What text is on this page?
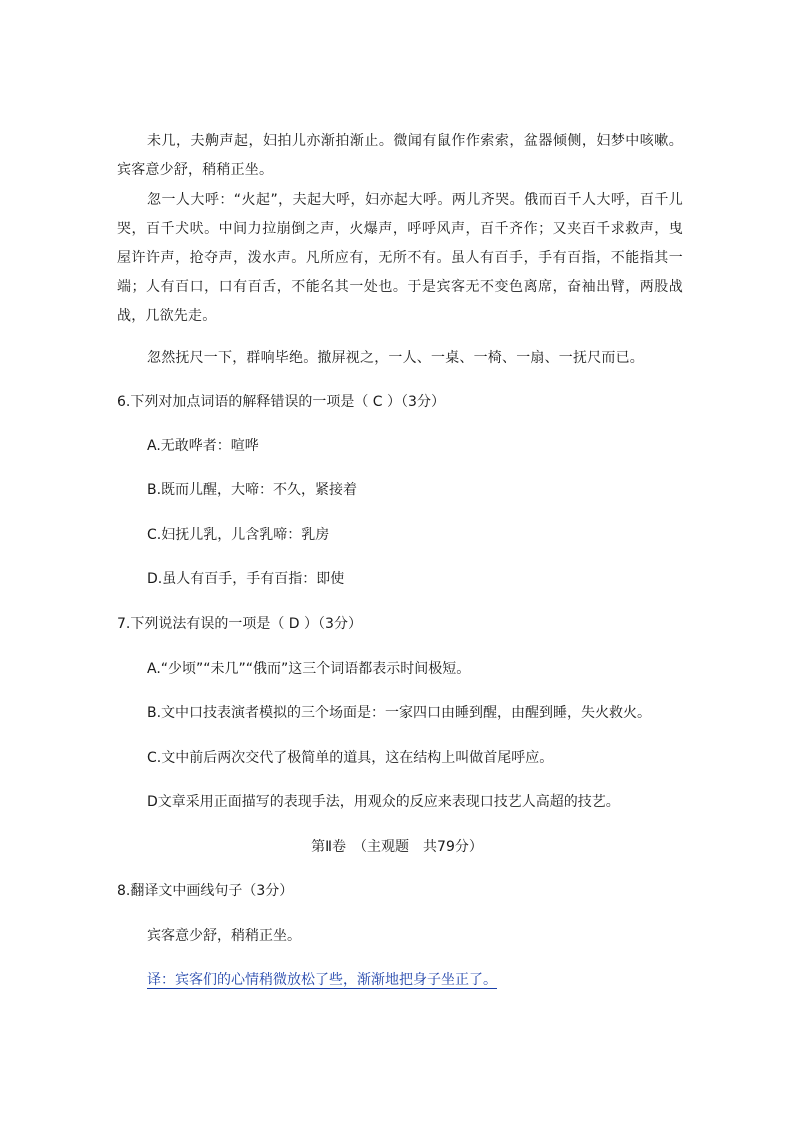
未几，夫齁声起，妇拍儿亦渐拍渐止。微闻有鼠作作索索，盆器倾侧，妇梦中咳嗽。宾客意少舒，稍稍正坐。

忽一人大呼：“火起”，夫起大呼，妇亦起大呼。两儿齐哭。俄而百千人大呼，百千儿哭，百千犬吠。中间力拉崩倒之声，火爆声，呼呼风声，百千齐作；又夹百千求救声，曳屋许许声，抢夺声，泼水声。凡所应有，无所不有。虽人有百手，手有百指，不能指其一端；人有百口，口有百舌，不能名其一处也。于是宾客无不变色离席，奋袖出臂，两股战战，几欲先走。

忽然抚尺一下，群响毕绝。撤屏视之，一人、一桌、一椅、一扇、一抚尺而已。

6.下列对加点词语的解释错误的一项是（ C ）（3分）

A.无敢哗者：喧哗

B.既而儿醒，大啼：不久，紧接着

C.妇抚儿乳，儿含乳啼：乳房

D.虽人有百手，手有百指：即使

7.下列说法有误的一项是（ D ）（3分）

A.“少顷”“未几”“俄而”这三个词语都表示时间极短。

B.文中口技表演者模拟的三个场面是：一家四口由睡到醒，由醒到睡，失火救火。

C.文中前后两次交代了极简单的道具，这在结构上叫做首尾呼应。

D文章采用正面描写的表现手法，用观众的反应来表现口技艺人高超的技艺。

第Ⅱ卷　（主观题　共79分）

8.翻译文中画线句子（3分）

宾客意少舒，稍稍正坐。

译：宾客们的心情稍微放松了些，渐渐地把身子坐正了。
